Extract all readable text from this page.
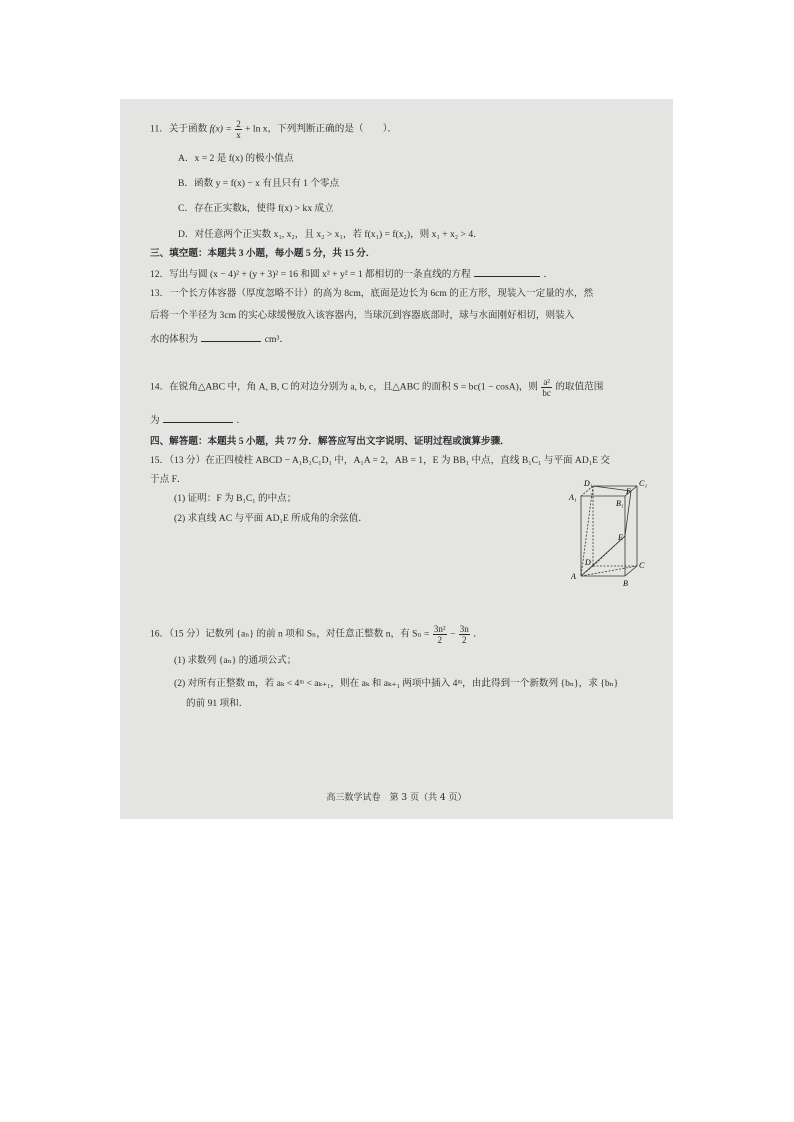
11．关于函数 $f(x) = \frac{2}{x} + \ln x$，下列判断正确的是（　　）．
A．x = 2 是 f(x) 的极小值点
B．函数 y = f(x) − x 有且只有 1 个零点
C．存在正实数k，使得 f(x) > kx 成立
D．对任意两个正实数 x₁, x₂，且 x₂ > x₁，若 f(x₁) = f(x₂)，则 x₁ + x₂ > 4．
三、填空题：本题共 3 小题，每小题 5 分，共 15 分．
12．写出与圆 (x − 4)² + (y + 3)² = 16 和圆 x² + y² = 1 都相切的一条直线的方程	．
13．一个长方体容器（厚度忽略不计）的高为 8cm，底面是边长为 6cm 的正方形，现装入一定量的水，然
后将一个半径为 3cm 的实心球缓慢放入该容器内，当球沉到容器底部时，球与水面刚好相切，则装入
水的体积为	cm³．
14．在锐角△ABC 中，角 A, B, C 的对边分别为 a, b, c，且△ABC 的面积 S = bc(1 − cosA)，则 $\frac{\text{a²}}{bc}$ 的取值范围
为	．
四、解答题：本题共 5 小题，共 77 分．解答应写出文字说明、证明过程或演算步骤．
15．（13 分）在正四棱柱 ABCD − A₁B₁C₁D₁ 中，A₁A = 2，AB = 1，E 为 BB₁ 中点，直线 B₁C₁ 与平面 AD₁E 交
于点 F．
(1) 证明：F 为 B₁C₁ 的中点；
(2) 求直线 AC 与平面 AD₁E 所成角的余弦值．
D₁	C₁
A₁
F
B₁
E
D	C
A
B
16．（15 分）记数列 {aₙ} 的前 n 项和 Sₙ，对任意正整数 n，有 $S_n = \frac{\text{3n²}}{2} - \frac{3n}{2}$ ．
(1) 求数列 {aₙ} 的通项公式；
(2) 对所有正整数 m，若 aₖ < 4ᵐ < aₖ₊₁，则在 aₖ 和 aₖ₊₁ 两项中插入 4ᵐ，由此得到一个新数列 {bₙ}，求 {bₙ}
的前 91 项和．
高三数学试卷　第 3 页（共 4 页）
